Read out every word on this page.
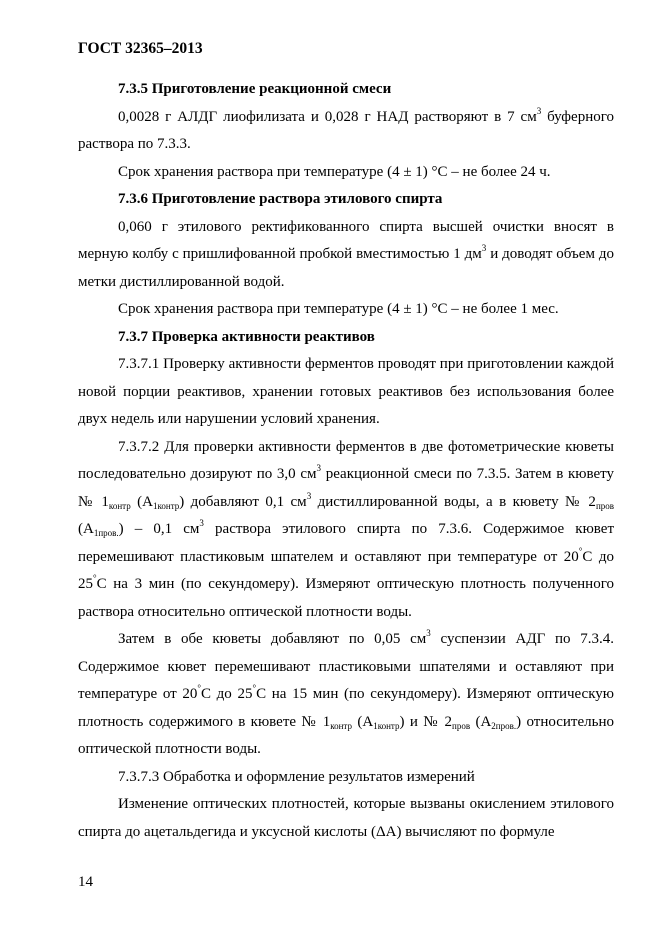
ГОСТ 32365–2013

7.3.5 Приготовление реакционной смеси

0,0028 г АЛДГ лиофилизата и 0,028 г НАД растворяют в 7 $см^3$ буферного раствора по 7.3.3.

Срок хранения раствора при температуре (4 ± 1) °С – не более 24 ч.

7.3.6 Приготовление раствора этилового спирта

0,060 г этилового ректификованного спирта высшей очистки вносят в мерную колбу с пришлифованной пробкой вместимостью 1 $дм^3$ и доводят объем до метки дистиллированной водой.

Срок хранения раствора при температуре (4 ± 1) °С – не более 1 мес.

7.3.7 Проверка активности реактивов

7.3.7.1 Проверку активности ферментов проводят при приготовлении каждой новой порции реактивов, хранении готовых реактивов без использования более двух недель или нарушении условий хранения.

7.3.7.2 Для проверки активности ферментов в две фотометрические кюветы последовательно дозируют по 3,0 $см^3$ реакционной смеси по 7.3.5. Затем в кювету № $1_{контр}$ $(А_{1контр})$ добавляют 0,1 $см^3$ дистиллированной воды, а в кювету № $2_{пров}$ $(А_{1пров.}) - 0,1$ $см^3$ раствора этилового спирта по 7.3.6. Содержимое кювет перемешивают пластиковым шпателем и оставляют при температуре от 20°С до 25°С на 3 мин (по секундомеру). Измеряют оптическую плотность полученного раствора относительно оптической плотности воды.

Затем в обе кюветы добавляют по 0,05 $см^3$ суспензии АДГ по 7.3.4. Содержимое кювет перемешивают пластиковыми шпателями и оставляют при температуре от 20°С до 25°С на 15 мин (по секундомеру). Измеряют оптическую плотность содержимого в кювете № $1_{контр}$ $(А_{1контр})$ и № $2_{пров}$ $(А_{2пров.})$ относительно оптической плотности воды.

7.3.7.3 Обработка и оформление результатов измерений

Изменение оптических плотностей, которые вызваны окислением этилового спирта до ацетальдегида и уксусной кислоты (ΔA) вычисляют по формуле

14
